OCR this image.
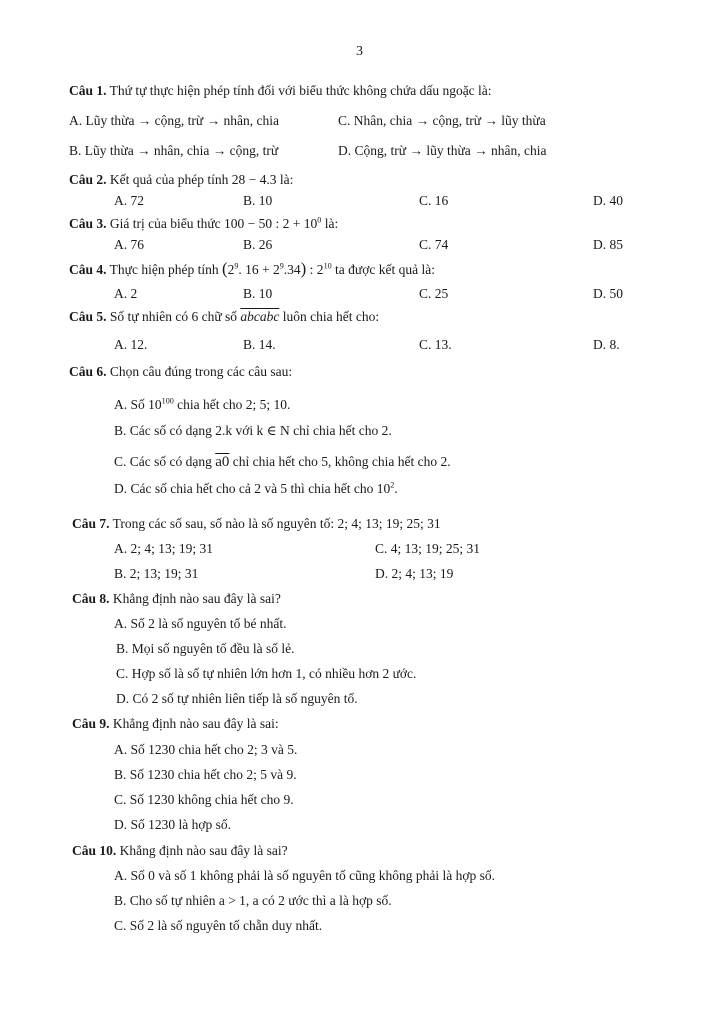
3
Câu 1. Thứ tự thực hiện phép tính đối với biểu thức không chứa dấu ngoặc là:
A. Lũy thừa → cộng, trừ → nhân, chia	C. Nhân, chia → cộng, trừ → lũy thừa
B. Lũy thừa → nhân, chia → cộng, trừ	D. Cộng, trừ → lũy thừa → nhân, chia
Câu 2. Kết quả của phép tính 28 − 4.3 là:
A. 72	B. 10	C. 16	D. 40
Câu 3. Giá trị của biểu thức 100 − 50 : $2 + 10^0$ là:
A. 76	B. 26	C. 74	D. 85
Câu 4. Thực hiện phép tính ($2^9$. $16 + 2^9.34$) : $2^{10}$ ta được kết quả là:
A. 2	B. 10	C. 25	D. 50
Câu 5. Số tự nhiên có 6 chữ số abcabc luôn chia hết cho:
A. 12.	B. 14.	C. 13.	D. 8.
Câu 6. Chọn câu đúng trong các câu sau:
A. Số $10^{100}$ chia hết cho 2; 5; 10.
B. Các số có dạng 2.k với k ∈ N chỉ chia hết cho 2.
C. Các số có dạng a0 chỉ chia hết cho 5, không chia hết cho 2.
D. Các số chia hết cho cả 2 và 5 thì chia hết cho $10^2$.
Câu 7. Trong các số sau, số nào là số nguyên tố: 2; 4; 13; 19; 25; 31
A. 2; 4; 13; 19; 31	C. 4; 13; 19; 25; 31
B. 2; 13; 19; 31	D. 2; 4; 13; 19
Câu 8. Khẳng định nào sau đây là sai?
A. Số 2 là số nguyên tố bé nhất.
B. Mọi số nguyên tố đều là số lẻ.
C. Hợp số là số tự nhiên lớn hơn 1, có nhiều hơn 2 ước.
D. Có 2 số tự nhiên liên tiếp là số nguyên tố.
Câu 9. Khẳng định nào sau đây là sai:
A. Số 1230 chia hết cho 2; 3 và 5.
B. Số 1230 chia hết cho 2; 5 và 9.
C. Số 1230 không chia hết cho 9.
D. Số 1230 là hợp số.
Câu 10. Khẳng định nào sau đây là sai?
A. Số 0 và số 1 không phải là số nguyên tố cũng không phải là hợp số.
B. Cho số tự nhiên a > 1, a có 2 ước thì a là hợp số.
C. Số 2 là số nguyên tố chẵn duy nhất.
